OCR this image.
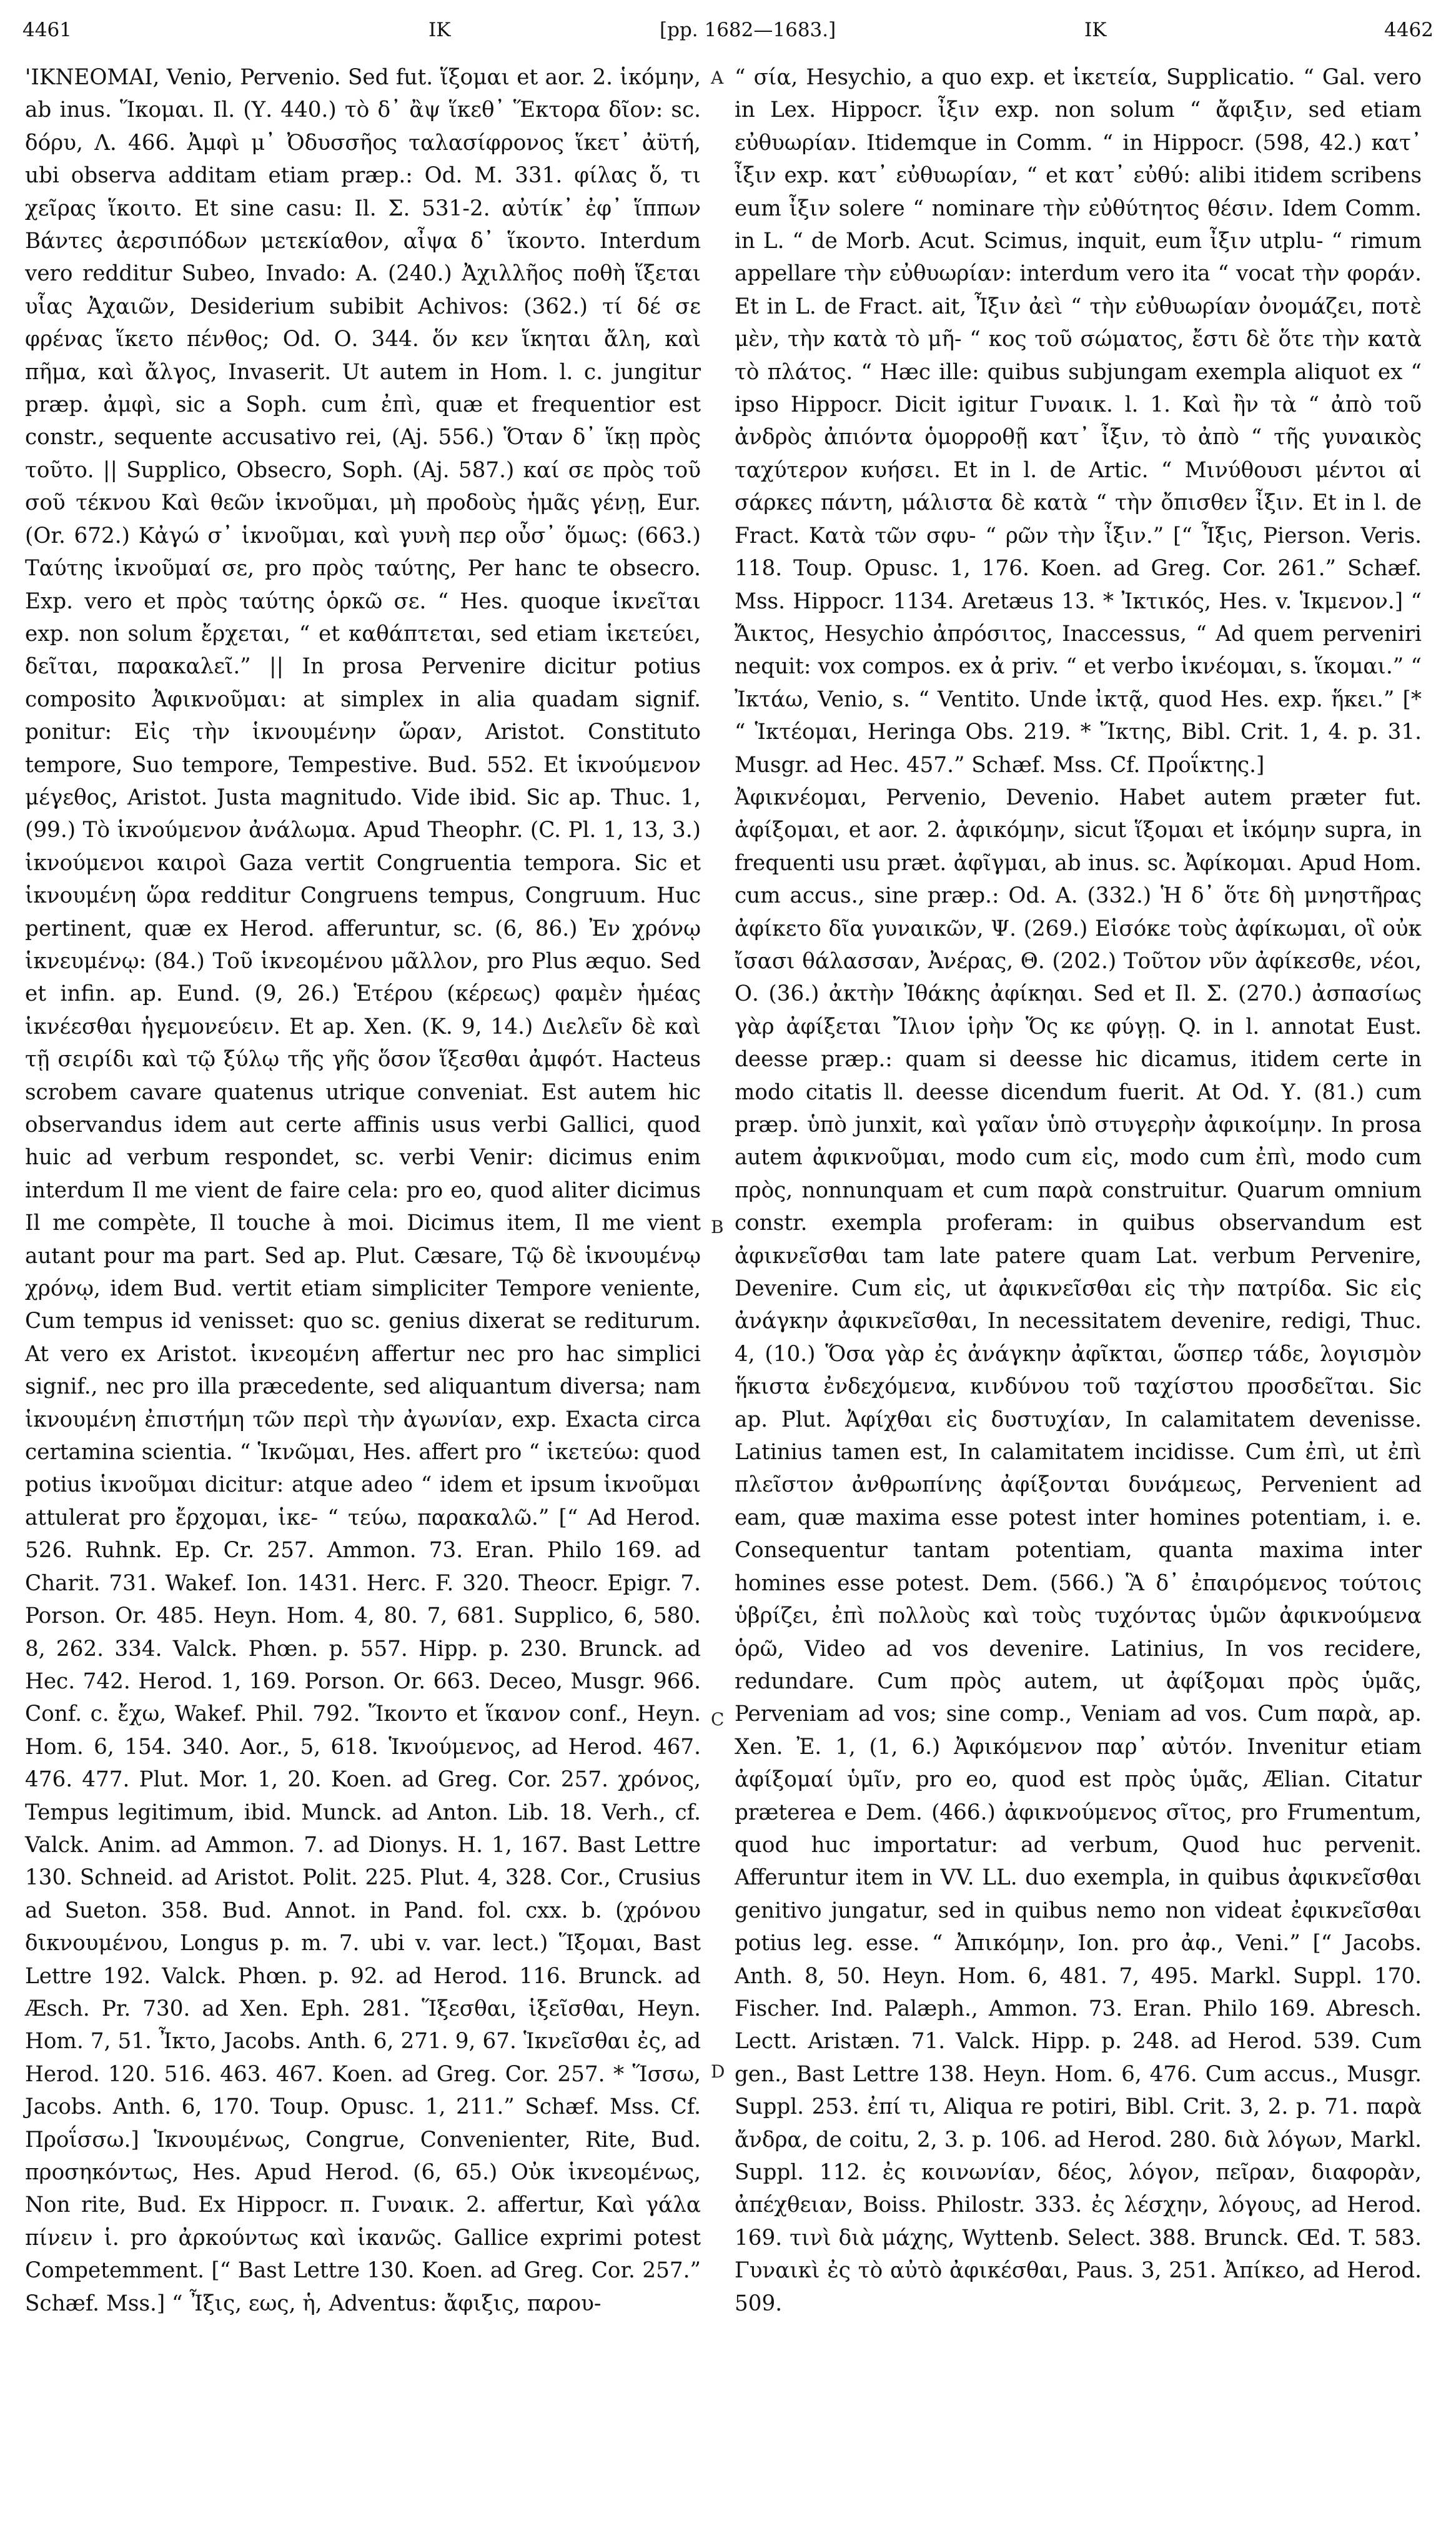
4461	IK	[pp. 1682—1683.]	IK	4462
A
B
C
D

'IKNEOMAI, Venio, Pervenio. Sed fut. ἵξομαι et aor. 2. ἱκόμην, ab inus. Ἵκομαι. Il. (Υ. 440.) τὸ δ᾽ ἂψ ἵκεθ᾽ Ἕκτορα δῖον: sc. δόρυ, Λ. 466. Ἀμφὶ μ᾽ Ὀδυσσῆος ταλασίφρονος ἵκετ᾽ ἀϋτή, ubi observa additam etiam præp.: Od. M. 331. φίλας ὅ, τι χεῖρας ἵκοιτο. Et sine casu: Il. Σ. 531-2. αὐτίκ᾽ ἐφ᾽ ἵππων Βάντες ἀερσιπόδων μετεκίαθον, αἶψα δ᾽ ἵκοντο. Interdum vero redditur Subeo, Invado: Α. (240.) Ἀχιλλῆος ποθὴ ἵξεται υἷας Ἀχαιῶν, Desiderium subibit Achivos: (362.) τί δέ σε φρένας ἵκετο πένθος; Od. Ο. 344. ὅν κεν ἵκηται ἄλη, καὶ πῆμα, καὶ ἄλγος, Invaserit. Ut autem in Hom. l. c. jungitur præp. ἀμφὶ, sic a Soph. cum ἐπὶ, quæ et frequentior est constr., sequente accusativo rei, (Aj. 556.) Ὅταν δ᾽ ἵκῃ πρὸς τοῦτο. || Supplico, Obsecro, Soph. (Aj. 587.) καί σε πρὸς τοῦ σοῦ τέκνου Καὶ θεῶν ἱκνοῦμαι, μὴ προδοὺς ἡμᾶς γένῃ, Eur. (Or. 672.) Κἀγώ σ᾽ ἱκνοῦμαι, καὶ γυνὴ περ οὖσ᾽ ὅμως: (663.) Ταύτης ἱκνοῦμαί σε, pro πρὸς ταύτης, Per hanc te obsecro. Exp. vero et πρὸς ταύτης ὁρκῶ σε. “ Hes. quoque ἱκνεῖται exp. non solum ἔρχεται, “ et καθάπτεται, sed etiam ἱκετεύει, δεῖται, παρακαλεῖ.” || In prosa Pervenire dicitur potius composito Ἀφικνοῦμαι: at simplex in alia quadam signif. ponitur: Εἰς τὴν ἱκνουμένην ὥραν, Aristot. Constituto tempore, Suo tempore, Tempestive. Bud. 552. Et ἱκνούμενον μέγεθος, Aristot. Justa magnitudo. Vide ibid. Sic ap. Thuc. 1, (99.) Τὸ ἱκνούμενον ἀνάλωμα. Apud Theophr. (C. Pl. 1, 13, 3.) ἱκνούμενοι καιροὶ Gaza vertit Congruentia tempora. Sic et ἱκνουμένη ὥρα redditur Congruens tempus, Congruum. Huc pertinent, quæ ex Herod. afferuntur, sc. (6, 86.) Ἐν χρόνῳ ἱκνευμένῳ: (84.) Τοῦ ἱκνεομένου μᾶλλον, pro Plus æquo. Sed et infin. ap. Eund. (9, 26.) Ἑτέρου (κέρεως) φαμὲν ἡμέας ἱκνέεσθαι ἡγεμονεύειν. Et ap. Xen. (K. 9, 14.) Διελεῖν δὲ καὶ τῇ σειρίδι καὶ τῷ ξύλῳ τῆς γῆς ὅσον ἵξεσθαι ἀμφότ. Hacteus scrobem cavare quatenus utrique conveniat. Est autem hic observandus idem aut certe affinis usus verbi Gallici, quod huic ad verbum respondet, sc. verbi Venir: dicimus enim interdum Il me vient de faire cela: pro eo, quod aliter dicimus Il me compète, Il touche à moi. Dicimus item, Il me vient autant pour ma part. Sed ap. Plut. Cæsare, Τῷ δὲ ἱκνουμένῳ χρόνῳ, idem Bud. vertit etiam simpliciter Tempore veniente, Cum tempus id venisset: quo sc. genius dixerat se rediturum. At vero ex Aristot. ἱκνεομένη affertur nec pro hac simplici signif., nec pro illa præcedente, sed aliquantum diversa; nam ἱκνουμένη ἐπιστήμη τῶν περὶ τὴν ἀγωνίαν, exp. Exacta circa certamina scientia. “ Ἱκνῶμαι, Hes. affert pro “ ἱκετεύω: quod potius ἱκνοῦμαι dicitur: atque adeo “ idem et ipsum ἱκνοῦμαι attulerat pro ἔρχομαι, ἱκε- “ τεύω, παρακαλῶ.” [“ Ad Herod. 526. Ruhnk. Ep. Cr. 257. Ammon. 73. Eran. Philo 169. ad Charit. 731. Wakef. Ion. 1431. Herc. F. 320. Theocr. Epigr. 7. Porson. Or. 485. Heyn. Hom. 4, 80. 7, 681. Supplico, 6, 580. 8, 262. 334. Valck. Phœn. p. 557. Hipp. p. 230. Brunck. ad Hec. 742. Herod. 1, 169. Porson. Or. 663. Deceo, Musgr. 966. Conf. c. ἔχω, Wakef. Phil. 792. Ἵκοντο et ἵκανον conf., Heyn. Hom. 6, 154. 340. Aor., 5, 618. Ἱκνούμενος, ad Herod. 467. 476. 477. Plut. Mor. 1, 20. Koen. ad Greg. Cor. 257. χρόνος, Tempus legitimum, ibid. Munck. ad Anton. Lib. 18. Verh., cf. Valck. Anim. ad Ammon. 7. ad Dionys. H. 1, 167. Bast Lettre 130. Schneid. ad Aristot. Polit. 225. Plut. 4, 328. Cor., Crusius ad Sueton. 358. Bud. Annot. in Pand. fol. cxx. b. (χρόνου δικνουμένου, Longus p. m. 7. ubi v. var. lect.) Ἵξομαι, Bast Lettre 192. Valck. Phœn. p. 92. ad Herod. 116. Brunck. ad Æsch. Pr. 730. ad Xen. Eph. 281. Ἵξεσθαι, ἱξεῖσθαι, Heyn. Hom. 7, 51. Ἶκτο, Jacobs. Anth. 6, 271. 9, 67. Ἱκνεῖσθαι ἐς, ad Herod. 120. 516. 463. 467. Koen. ad Greg. Cor. 257. * Ἵσσω, Jacobs. Anth. 6, 170. Toup. Opusc. 1, 211.” Schæf. Mss. Cf. Προΐσσω.] Ἱκνουμένως, Congrue, Convenienter, Rite, Bud. προσηκόντως, Hes. Apud Herod. (6, 65.) Οὐκ ἱκνεομένως, Non rite, Bud. Ex Hippocr. π. Γυναικ. 2. affertur, Καὶ γάλα πίνειν ἱ. pro ἀρκούντως καὶ ἱκανῶς. Gallice exprimi potest Competemment. [“ Bast Lettre 130. Koen. ad Greg. Cor. 257.” Schæf. Mss.] “ Ἶξις, εως, ἡ, Adventus: ἄφιξις, παρου-

“ σία, Hesychio, a quo exp. et ἱκετεία, Supplicatio. “ Gal. vero in Lex. Hippocr. ἶξιν exp. non solum “ ἄφιξιν, sed etiam εὐθυωρίαν. Itidemque in Comm. “ in Hippocr. (598, 42.) κατ᾽ ἶξιν exp. κατ᾽ εὐθυωρίαν, “ et κατ᾽ εὐθύ: alibi itidem scribens eum ἶξιν solere “ nominare τὴν εὐθύτητος θέσιν. Idem Comm. in L. “ de Morb. Acut. Scimus, inquit, eum ἶξιν utplu- “ rimum appellare τὴν εὐθυωρίαν: interdum vero ita “ vocat τὴν φοράν. Et in L. de Fract. ait, Ἶξιν ἀεὶ “ τὴν εὐθυωρίαν ὀνομάζει, ποτὲ μὲν, τὴν κατὰ τὸ μῆ- “ κος τοῦ σώματος, ἔστι δὲ ὅτε τὴν κατὰ τὸ πλάτος. “ Hæc ille: quibus subjungam exempla aliquot ex “ ipso Hippocr. Dicit igitur Γυναικ. l. 1. Καὶ ἢν τὰ “ ἀπὸ τοῦ ἀνδρὸς ἀπιόντα ὁμορροθῇ κατ᾽ ἶξιν, τὸ ἀπὸ “ τῆς γυναικὸς ταχύτερον κυήσει. Et in l. de Artic. “ Μινύθουσι μέντοι αἱ σάρκες πάντη, μάλιστα δὲ κατὰ “ τὴν ὄπισθεν ἶξιν. Et in l. de Fract. Κατὰ τῶν σφυ- “ ρῶν τὴν ἶξιν.” [“ Ἶξις, Pierson. Veris. 118. Toup. Opusc. 1, 176. Koen. ad Greg. Cor. 261.” Schæf. Mss. Hippocr. 1134. Aretæus 13. * Ἰκτικός, Hes. v. Ἱκμενον.] “ Ἄικτος, Hesychio ἀπρόσιτος, Inaccessus, “ Ad quem perveniri nequit: vox compos. ex ἀ priv. “ et verbo ἱκνέομαι, s. ἵκομαι.” “ Ἰκτάω, Venio, s. “ Ventito. Unde ἰκτᾷ, quod Hes. exp. ἥκει.” [* “ Ἱκτέομαι, Heringa Obs. 219. * Ἵκτης, Bibl. Crit. 1, 4. p. 31. Musgr. ad Hec. 457.” Schæf. Mss. Cf. Προΐκτης.]

Ἀφικνέομαι, Pervenio, Devenio. Habet autem præter fut. ἀφίξομαι, et aor. 2. ἀφικόμην, sicut ἵξομαι et ἱκόμην supra, in frequenti usu præt. ἀφῖγμαι, ab inus. sc. Ἀφίκομαι. Apud Hom. cum accus., sine præp.: Od. A. (332.) Ἡ δ᾽ ὅτε δὴ μνηστῆρας ἀφίκετο δῖα γυναικῶν, Ψ. (269.) Εἰσόκε τοὺς ἀφίκωμαι, οἳ οὐκ ἴσασι θάλασσαν, Ἀνέρας, Θ. (202.) Τοῦτον νῦν ἀφίκεσθε, νέοι, Ο. (36.) ἀκτὴν Ἰθάκης ἀφίκηαι. Sed et Il. Σ. (270.) ἀσπασίως γὰρ ἀφίξεται Ἴλιον ἱρὴν Ὅς κε φύγῃ. Q. in l. annotat Eust. deesse præp.: quam si deesse hic dicamus, itidem certe in modo citatis ll. deesse dicendum fuerit. At Od. Υ. (81.) cum præp. ὑπὸ junxit, καὶ γαῖαν ὑπὸ στυγερὴν ἀφικοίμην. In prosa autem ἀφικνοῦμαι, modo cum εἰς, modo cum ἐπὶ, modo cum πρὸς, nonnunquam et cum παρὰ construitur. Quarum omnium constr. exempla proferam: in quibus observandum est ἀφικνεῖσθαι tam late patere quam Lat. verbum Pervenire, Devenire. Cum εἰς, ut ἀφικνεῖσθαι εἰς τὴν πατρίδα. Sic εἰς ἀνάγκην ἀφικνεῖσθαι, In necessitatem devenire, redigi, Thuc. 4, (10.) Ὅσα γὰρ ἐς ἀνάγκην ἀφῖκται, ὥσπερ τάδε, λογισμὸν ἥκιστα ἐνδεχόμενα, κινδύνου τοῦ ταχίστου προσδεῖται. Sic ap. Plut. Ἀφίχθαι εἰς δυστυχίαν, In calamitatem devenisse. Latinius tamen est, In calamitatem incidisse. Cum ἐπὶ, ut ἐπὶ πλεῖστον ἀνθρωπίνης ἀφίξονται δυνάμεως, Pervenient ad eam, quæ maxima esse potest inter homines potentiam, i. e. Consequentur tantam potentiam, quanta maxima inter homines esse potest. Dem. (566.) Ἃ δ᾽ ἐπαιρόμενος τούτοις ὑβρίζει, ἐπὶ πολλοὺς καὶ τοὺς τυχόντας ὑμῶν ἀφικνούμενα ὁρῶ, Video ad vos devenire. Latinius, In vos recidere, redundare. Cum πρὸς autem, ut ἀφίξομαι πρὸς ὑμᾶς, Perveniam ad vos; sine comp., Veniam ad vos. Cum παρὰ, ap. Xen. Ἐ. 1, (1, 6.) Ἀφικόμενον παρ᾽ αὐτόν. Invenitur etiam ἀφίξομαί ὑμῖν, pro eo, quod est πρὸς ὑμᾶς, Ælian. Citatur præterea e Dem. (466.) ἀφικνούμενος σῖτος, pro Frumentum, quod huc importatur: ad verbum, Quod huc pervenit. Afferuntur item in VV. LL. duo exempla, in quibus ἀφικνεῖσθαι genitivo jungatur, sed in quibus nemo non videat ἐφικνεῖσθαι potius leg. esse. “ Ἀπικόμην, Ion. pro ἀφ., Veni.” [“ Jacobs. Anth. 8, 50. Heyn. Hom. 6, 481. 7, 495. Markl. Suppl. 170. Fischer. Ind. Palæph., Ammon. 73. Eran. Philo 169. Abresch. Lectt. Aristæn. 71. Valck. Hipp. p. 248. ad Herod. 539. Cum gen., Bast Lettre 138. Heyn. Hom. 6, 476. Cum accus., Musgr. Suppl. 253. ἐπί τι, Aliqua re potiri, Bibl. Crit. 3, 2. p. 71. παρὰ ἄνδρα, de coitu, 2, 3. p. 106. ad Herod. 280. διὰ λόγων, Markl. Suppl. 112. ἐς κοινωνίαν, δέος, λόγον, πεῖραν, διαφορὰν, ἀπέχθειαν, Boiss. Philostr. 333. ἐς λέσχην, λόγους, ad Herod. 169. τινὶ διὰ μάχης, Wyttenb. Select. 388. Brunck. Œd. T. 583. Γυναικὶ ἐς τὸ αὐτὸ ἀφικέσθαι, Paus. 3, 251. Ἀπίκεο, ad Herod. 509.
